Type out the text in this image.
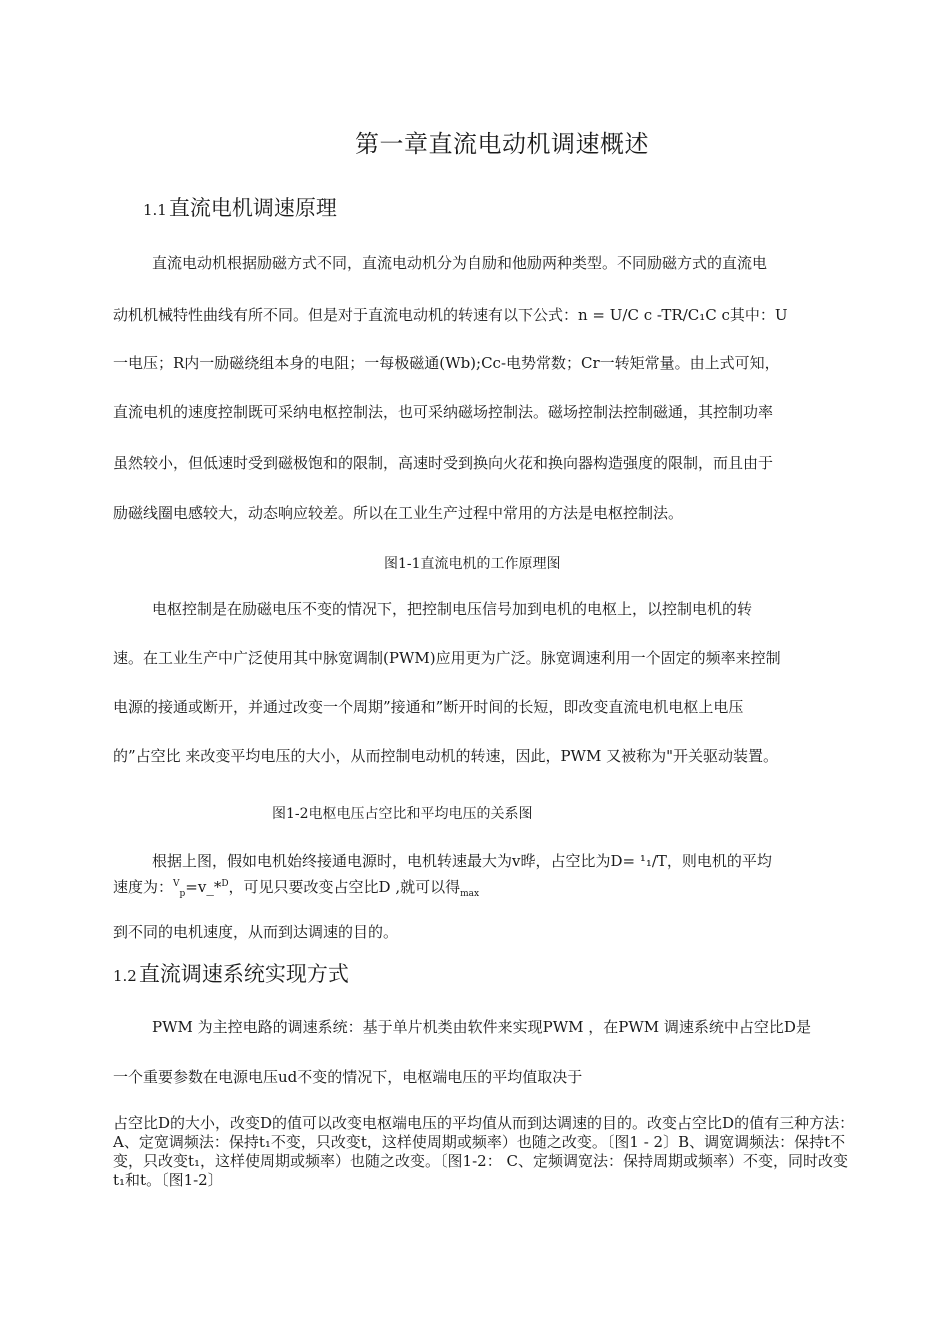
第一章直流电动机调速概述
1.1直流电机调速原理
直流电动机根据励磁方式不同，直流电动机分为自励和他励两种类型。不同励磁方式的直流电
动机机械特性曲线有所不同。但是对于直流电动机的转速有以下公式：n = U/C c -TR/C₁C c其中：U
一电压；R内一励磁绕组本身的电阻；一每极磁通(Wb);Cc-电势常数；Cr一转矩常量。由上式可知，
直流电机的速度控制既可采纳电枢控制法，也可采纳磁场控制法。磁场控制法控制磁通，其控制功率
虽然较小，但低速时受到磁极饱和的限制，高速时受到换向火花和换向器构造强度的限制，而且由于
励磁线圈电感较大，动态响应较差。所以在工业生产过程中常用的方法是电枢控制法。
图1-1直流电机的工作原理图
电枢控制是在励磁电压不变的情况下，把控制电压信号加到电机的电枢上，以控制电机的转
速。在工业生产中广泛使用其中脉宽调制(PWM)应用更为广泛。脉宽调速利用一个固定的频率来控制
电源的接通或断开，并通过改变一个周期”接通和”断开时间的长短，即改变直流电机电枢上电压
的”占空比 来改变平均电压的大小，从而控制电动机的转速，因此，PWM 又被称为"开关驱动装置。
图1-2电枢电压占空比和平均电压的关系图
根据上图，假如电机始终接通电源时，电机转速最大为v晔，占空比为D= ¹₁/T，则电机的平均
速度为：$^V_p$=v_*$^D$，可见只要改变占空比D ,就可以得$_{max}$
到不同的电机速度，从而到达调速的目的。
1.2直流调速系统实现方式
PWM 为主控电路的调速系统：基于单片机类由软件来实现PWM ，在PWM 调速系统中占空比D是
一个重要参数在电源电压ud不变的情况下，电枢端电压的平均值取决于
占空比D的大小，改变D的值可以改变电枢端电压的平均值从而到达调速的目的。改变占空比D的值有三种方法：A、定宽调频法：保持t₁不变，只改变t，这样使周期或频率）也随之改变。〔图1 - 2〕B、调宽调频法：保持t不变，只改变t₁，这样使周期或频率）也随之改变。〔图1-2： C、定频调宽法：保持周期或频率）不变，同时改变t₁和t。〔图1-2〕
